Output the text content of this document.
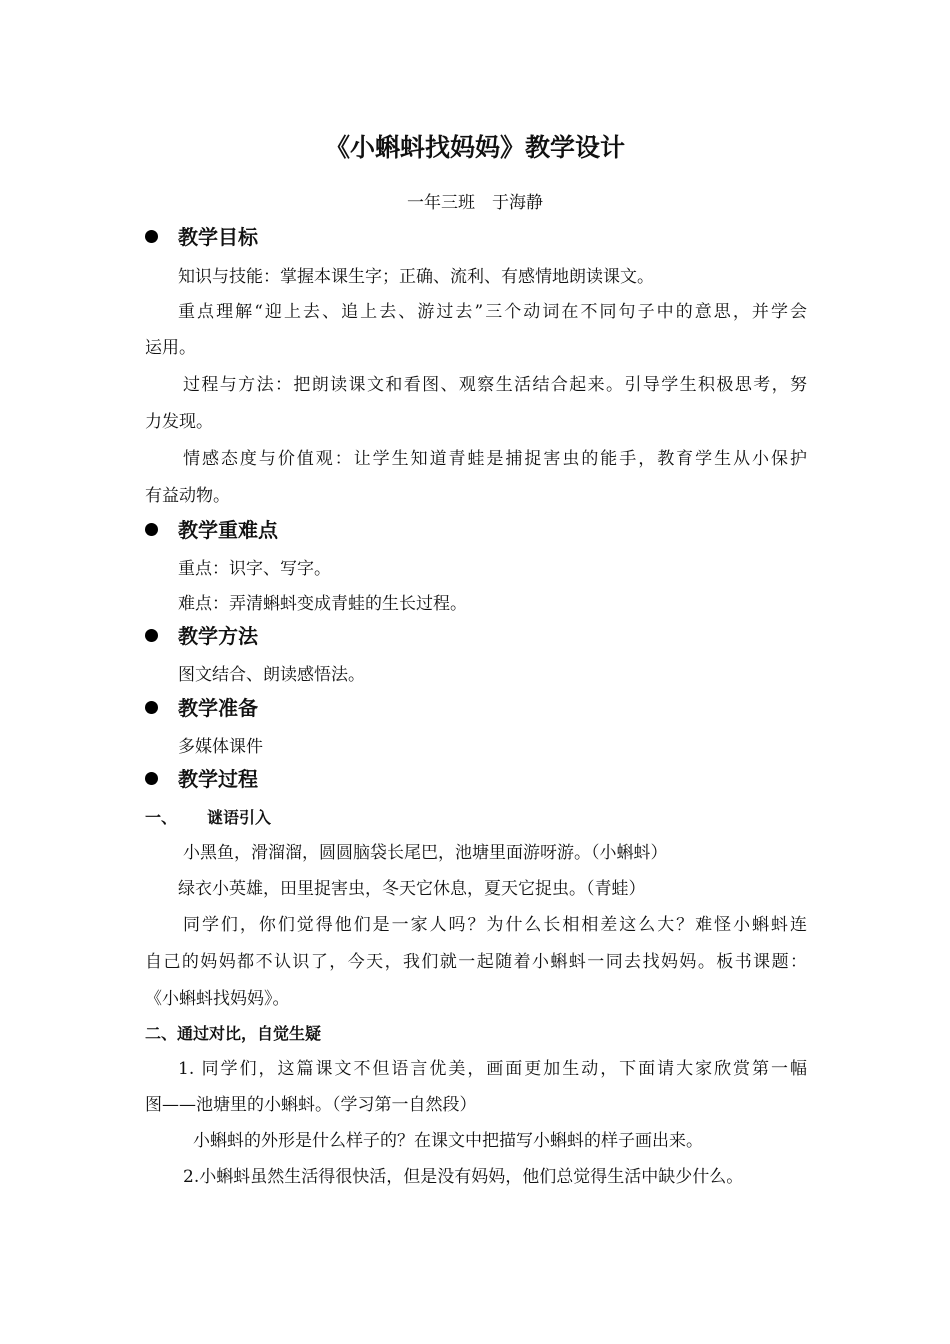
《小蝌蚪找妈妈》教学设计
一年三班　于海静
教学目标
知识与技能：掌握本课生字；正确、流利、有感情地朗读课文。
重点理解“迎上去、追上去、游过去”三个动词在不同句子中的意思，并学会
运用。
过程与方法：把朗读课文和看图、观察生活结合起来。引导学生积极思考，努
力发现。
情感态度与价值观：让学生知道青蛙是捕捉害虫的能手，教育学生从小保护
有益动物。
教学重难点
重点：识字、写字。
难点：弄清蝌蚪变成青蛙的生长过程。
教学方法
图文结合、朗读感悟法。
教学准备
多媒体课件
教学过程
一、 谜语引入
小黑鱼，滑溜溜，圆圆脑袋长尾巴，池塘里面游呀游。（小蝌蚪）
绿衣小英雄，田里捉害虫，冬天它休息，夏天它捉虫。（青蛙）
同学们，你们觉得他们是一家人吗？为什么长相相差这么大？难怪小蝌蚪连
自己的妈妈都不认识了，今天，我们就一起随着小蝌蚪一同去找妈妈。板书课题：
《小蝌蚪找妈妈》。
二、通过对比，自觉生疑
1. 同学们，这篇课文不但语言优美，画面更加生动，下面请大家欣赏第一幅
图——池塘里的小蝌蚪。（学习第一自然段）
小蝌蚪的外形是什么样子的？在课文中把描写小蝌蚪的样子画出来。
2.小蝌蚪虽然生活得很快活，但是没有妈妈，他们总觉得生活中缺少什么。
